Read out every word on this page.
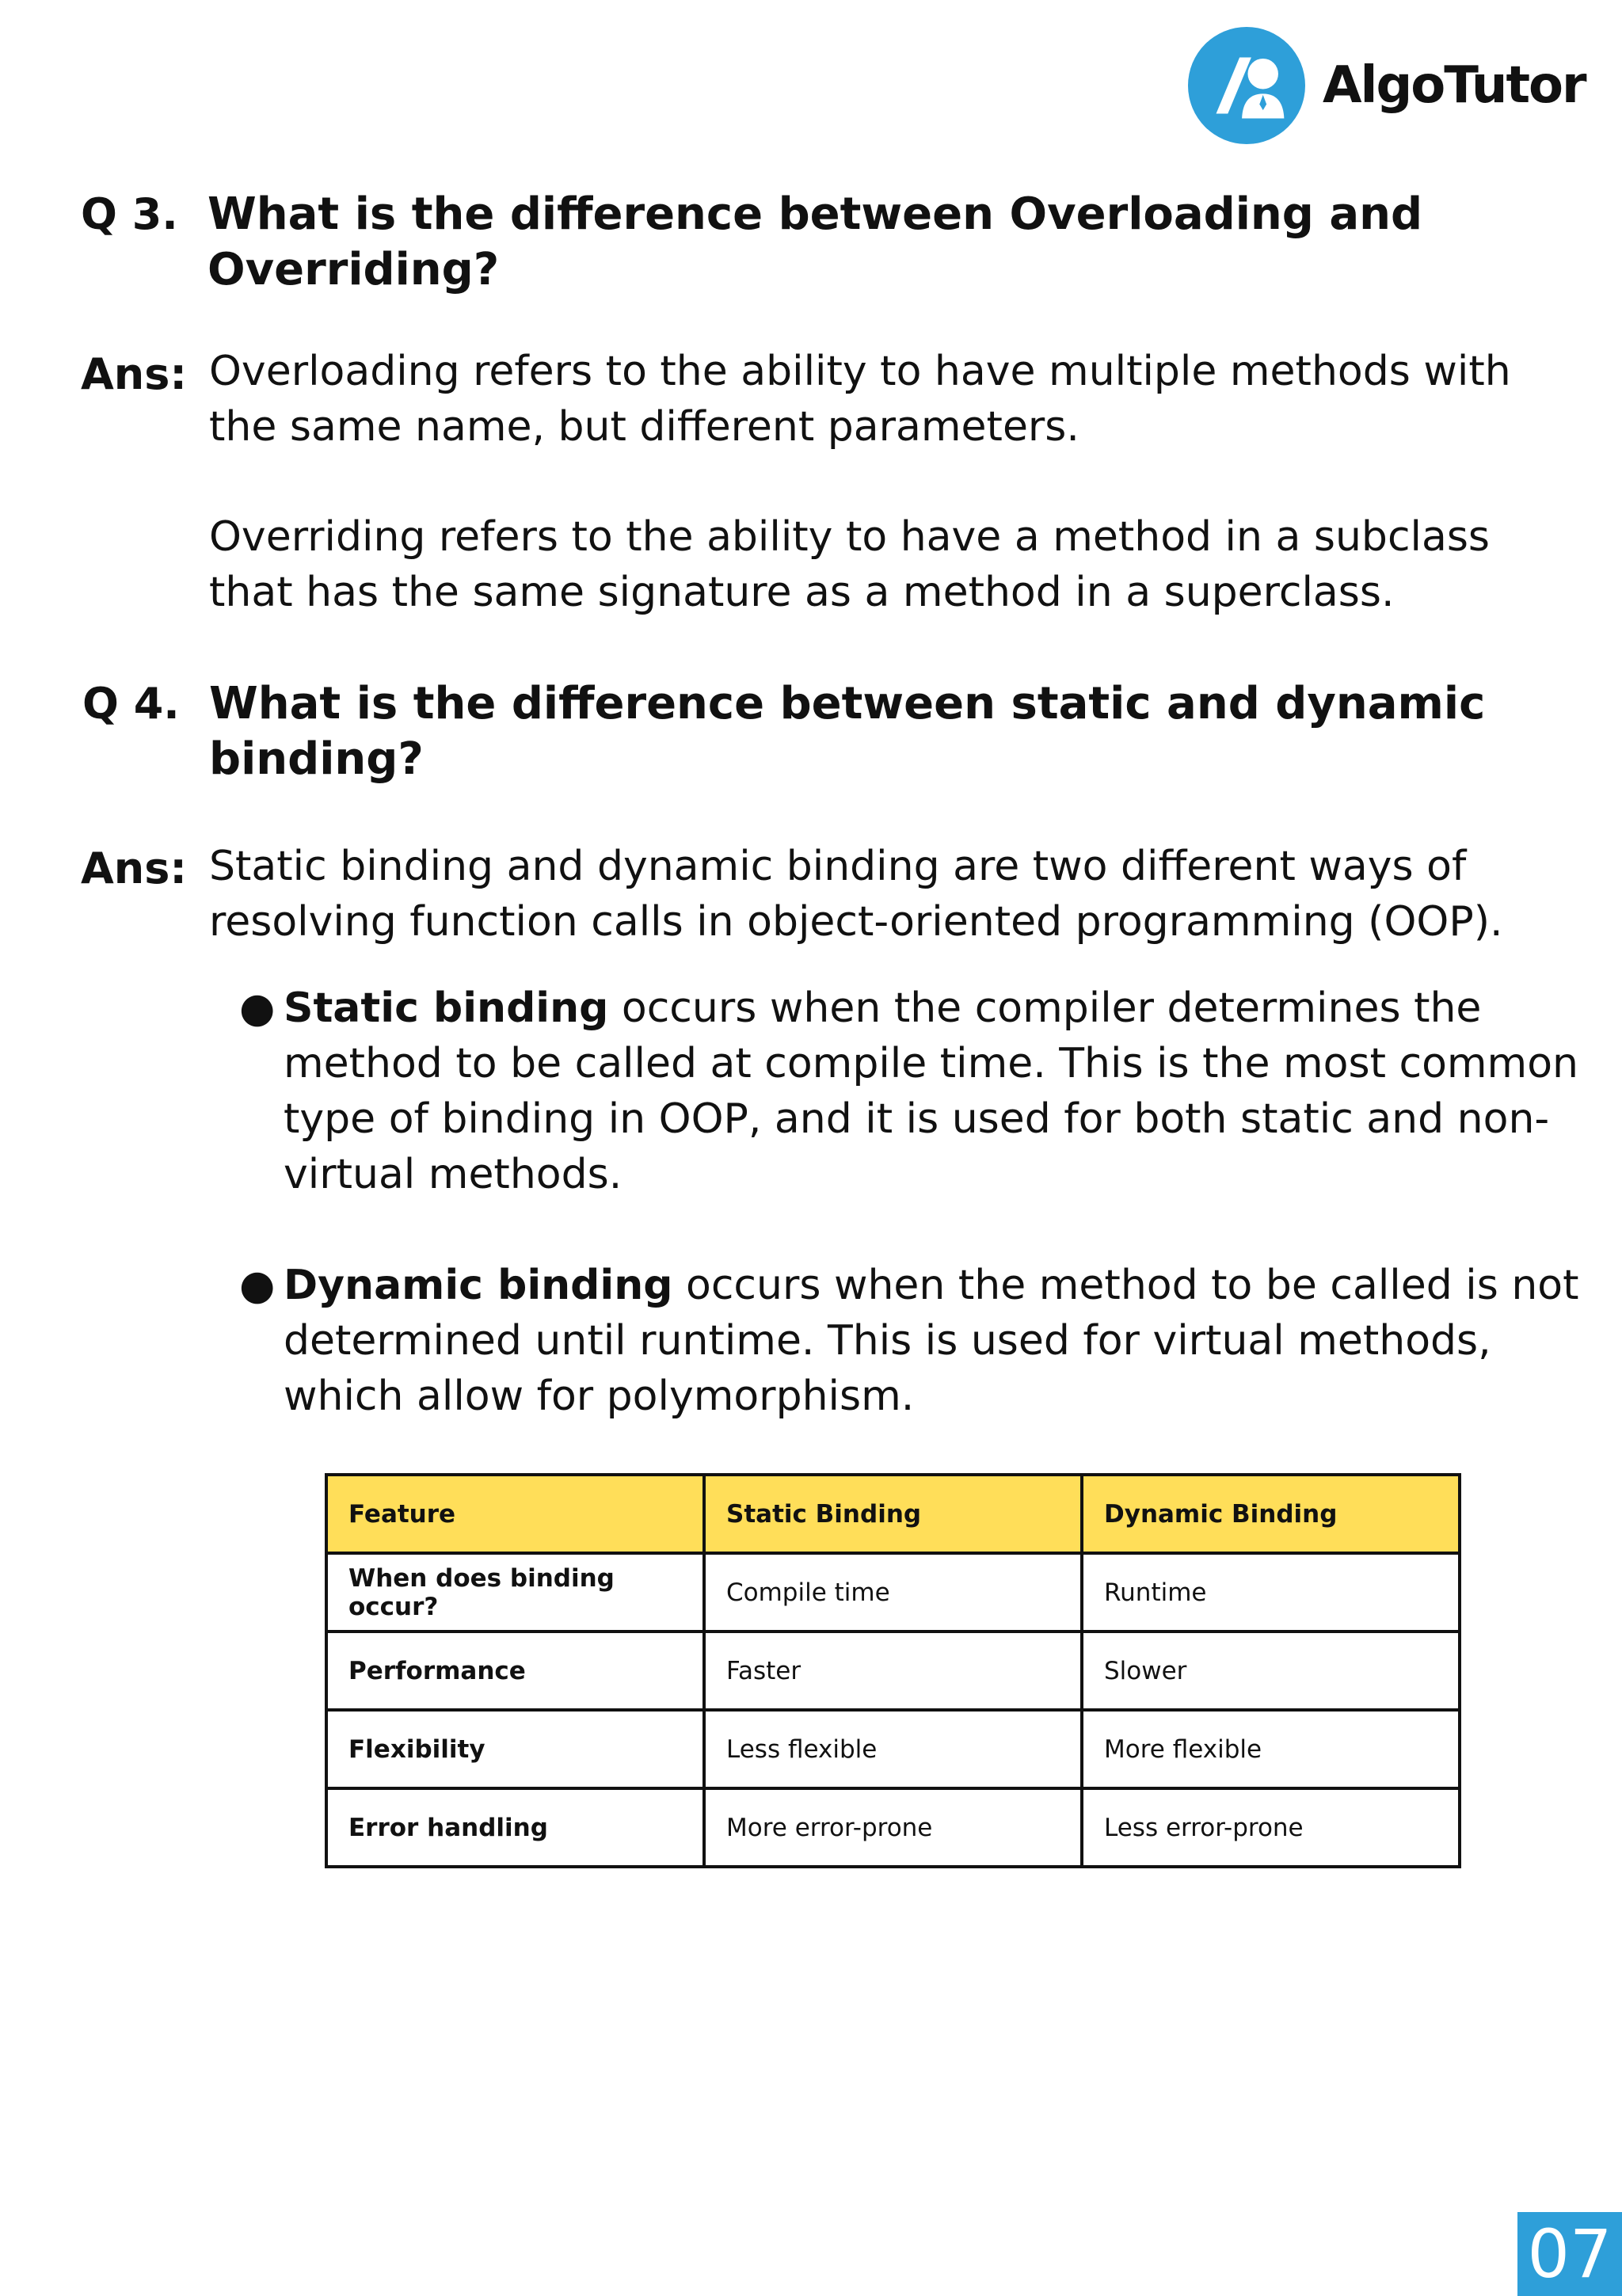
AlgoTutor
Q 3. What is the difference between Overloading and
Overriding?
Ans: Overloading refers to the ability to have multiple methods with
the same name, but different parameters.
Overriding refers to the ability to have a method in a subclass
that has the same signature as a method in a superclass.
Q 4. What is the difference between static and dynamic
binding?
Ans: Static binding and dynamic binding are two different ways of
resolving function calls in object-oriented programming (OOP).
● Static binding occurs when the compiler determines the
method to be called at compile time. This is the most common
type of binding in OOP, and it is used for both static and non-
virtual methods.
● Dynamic binding occurs when the method to be called is not
determined until runtime. This is used for virtual methods,
which allow for polymorphism.
Feature	Static Binding	Dynamic Binding
When does binding occur?	Compile time	Runtime
Performance	Faster	Slower
Flexibility	Less flexible	More flexible
Error handling	More error-prone	Less error-prone
07
